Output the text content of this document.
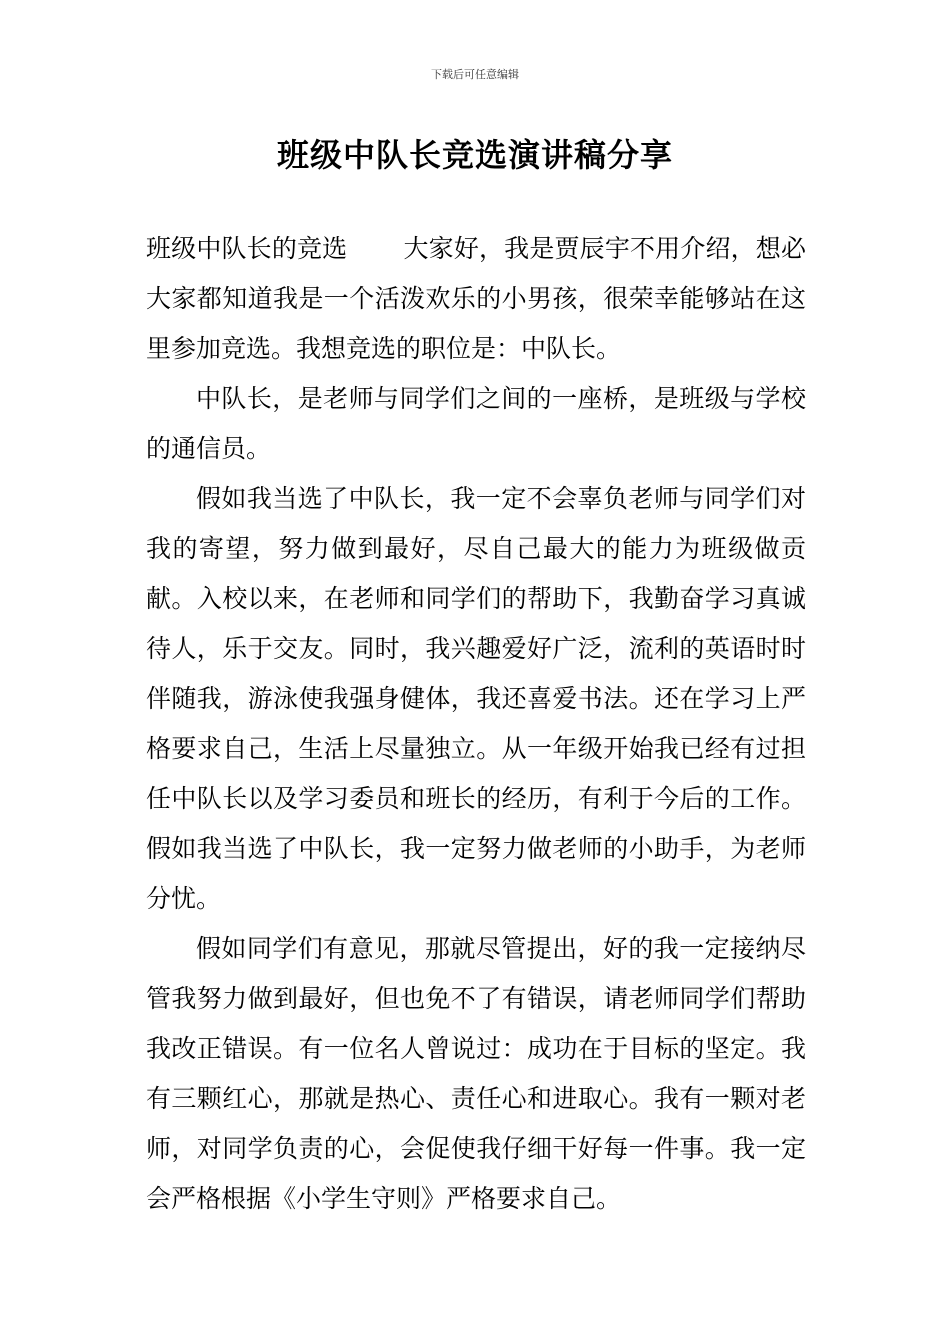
下载后可任意编辑
班级中队长竞选演讲稿分享

班级中队长的竞选 大家好，我是贾辰宇不用介绍，想必大家都知道我是一个活泼欢乐的小男孩，很荣幸能够站在这里参加竞选。我想竞选的职位是：中队长。

中队长，是老师与同学们之间的一座桥，是班级与学校的通信员。

假如我当选了中队长，我一定不会辜负老师与同学们对我的寄望，努力做到最好，尽自己最大的能力为班级做贡献。入校以来，在老师和同学们的帮助下，我勤奋学习真诚待人，乐于交友。同时，我兴趣爱好广泛，流利的英语时时伴随我，游泳使我强身健体，我还喜爱书法。还在学习上严格要求自己，生活上尽量独立。从一年级开始我已经有过担任中队长以及学习委员和班长的经历，有利于今后的工作。假如我当选了中队长，我一定努力做老师的小助手，为老师分忧。

假如同学们有意见，那就尽管提出，好的我一定接纳尽管我努力做到最好，但也免不了有错误，请老师同学们帮助我改正错误。有一位名人曾说过：成功在于目标的坚定。我有三颗红心，那就是热心、责任心和进取心。我有一颗对老师，对同学负责的心，会促使我仔细干好每一件事。我一定会严格根据《小学生守则》严格要求自己。
